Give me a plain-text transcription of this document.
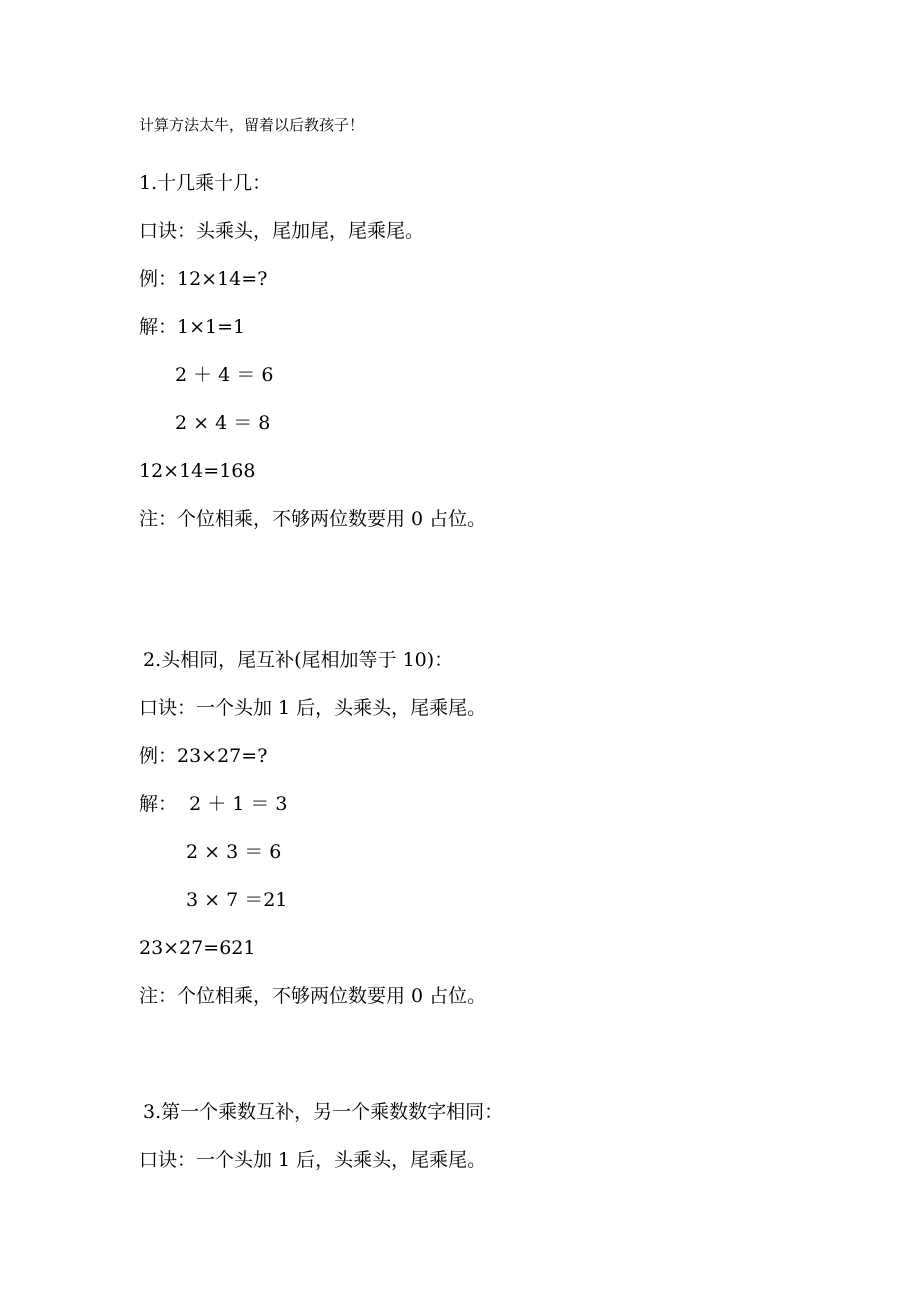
计算方法太牛，留着以后教孩子！
1.十几乘十几：
口诀：头乘头，尾加尾，尾乘尾。
例：12×14=?
解：1×1=1
2 ＋ 4 ＝ 6
2 × 4 ＝ 8
12×14=168
注：个位相乘，不够两位数要用 0 占位。
2.头相同，尾互补(尾相加等于 10)：
口诀：一个头加 1 后，头乘头，尾乘尾。
例：23×27=?
解：  2 ＋ 1 ＝ 3
2 × 3 ＝ 6
3 × 7 ＝21
23×27=621
注：个位相乘，不够两位数要用 0 占位。
3.第一个乘数互补，另一个乘数数字相同：
口诀：一个头加 1 后，头乘头，尾乘尾。
